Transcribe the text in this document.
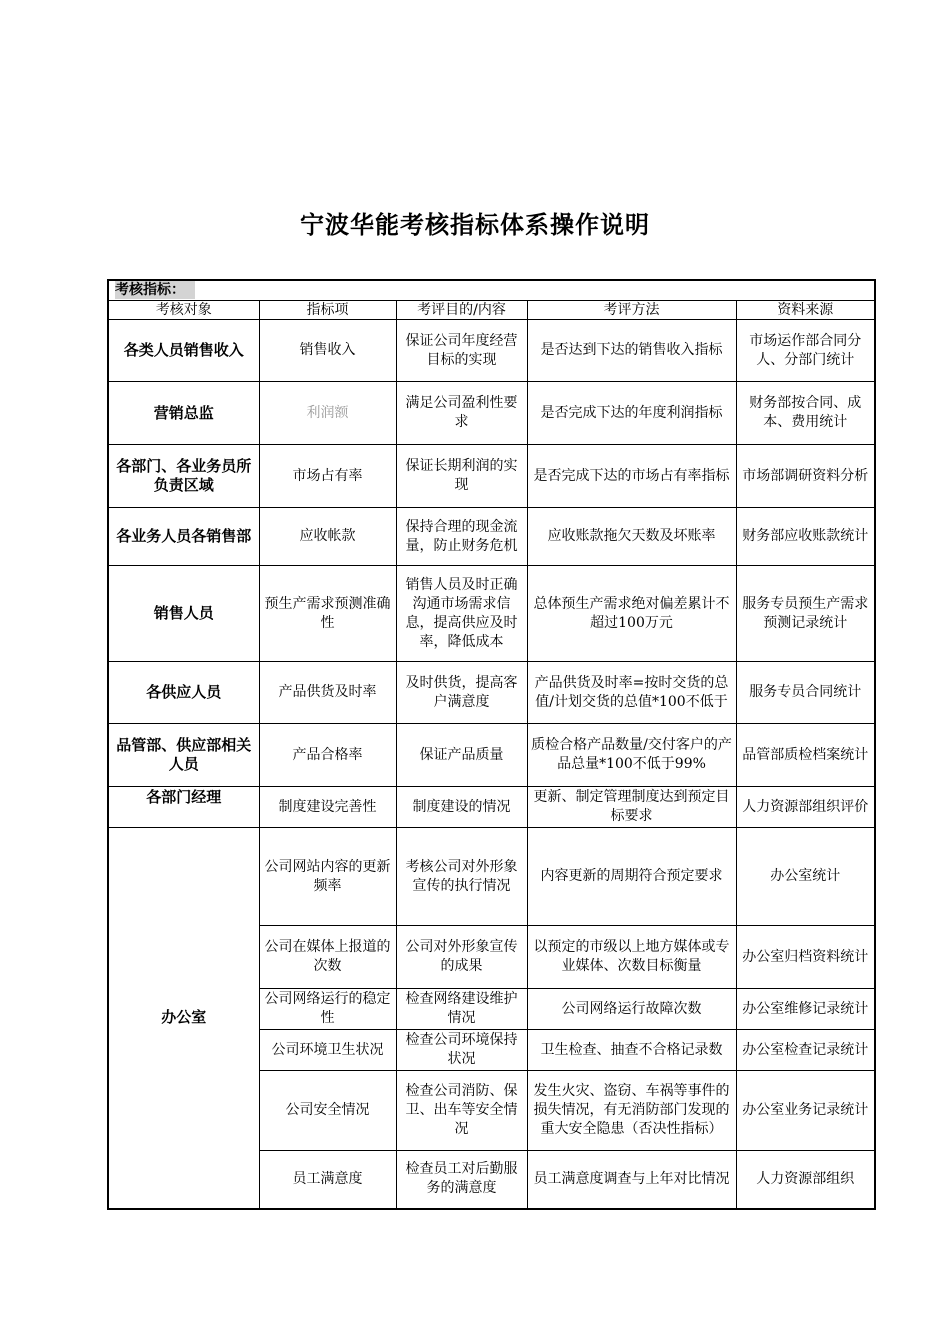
宁波华能考核指标体系操作说明
考核指标：				
考核对象	指标项	考评目的/内容	考评方法	资料来源
各类人员销售收入	销售收入	保证公司年度经营目标的实现	是否达到下达的销售收入指标	市场运作部合同分人、分部门统计
营销总监	利润额	满足公司盈利性要求	是否完成下达的年度利润指标	财务部按合同、成本、费用统计
各部门、各业务员所负责区域	市场占有率	保证长期利润的实现	是否完成下达的市场占有率指标	市场部调研资料分析
各业务人员各销售部	应收帐款	保持合理的现金流量，防止财务危机	应收账款拖欠天数及坏账率	财务部应收账款统计
销售人员	预生产需求预测准确性	销售人员及时正确沟通市场需求信息，提高供应及时率，降低成本	总体预生产需求绝对偏差累计不超过100万元	服务专员预生产需求预测记录统计
各供应人员	产品供货及时率	及时供货，提高客户满意度	产品供货及时率=按时交货的总值/计划交货的总值*100不低于	服务专员合同统计
品管部、供应部相关人员	产品合格率	保证产品质量	质检合格产品数量/交付客户的产品总量*100不低于99%	品管部质检档案统计
各部门经理	制度建设完善性	制度建设的情况	更新、制定管理制度达到预定目标要求	人力资源部组织评价
办公室	公司网站内容的更新频率	考核公司对外形象宣传的执行情况	内容更新的周期符合预定要求	办公室统计
	公司在媒体上报道的次数	公司对外形象宣传的成果	以预定的市级以上地方媒体或专业媒体、次数目标衡量	办公室归档资料统计
	公司网络运行的稳定性	检查网络建设维护情况	公司网络运行故障次数	办公室维修记录统计
	公司环境卫生状况	检查公司环境保持状况	卫生检查、抽查不合格记录数	办公室检查记录统计
	公司安全情况	检查公司消防、保卫、出车等安全情况	发生火灾、盗窃、车祸等事件的损失情况，有无消防部门发现的重大安全隐患（否决性指标）	办公室业务记录统计
	员工满意度	检查员工对后勤服务的满意度	员工满意度调查与上年对比情况	人力资源部组织
